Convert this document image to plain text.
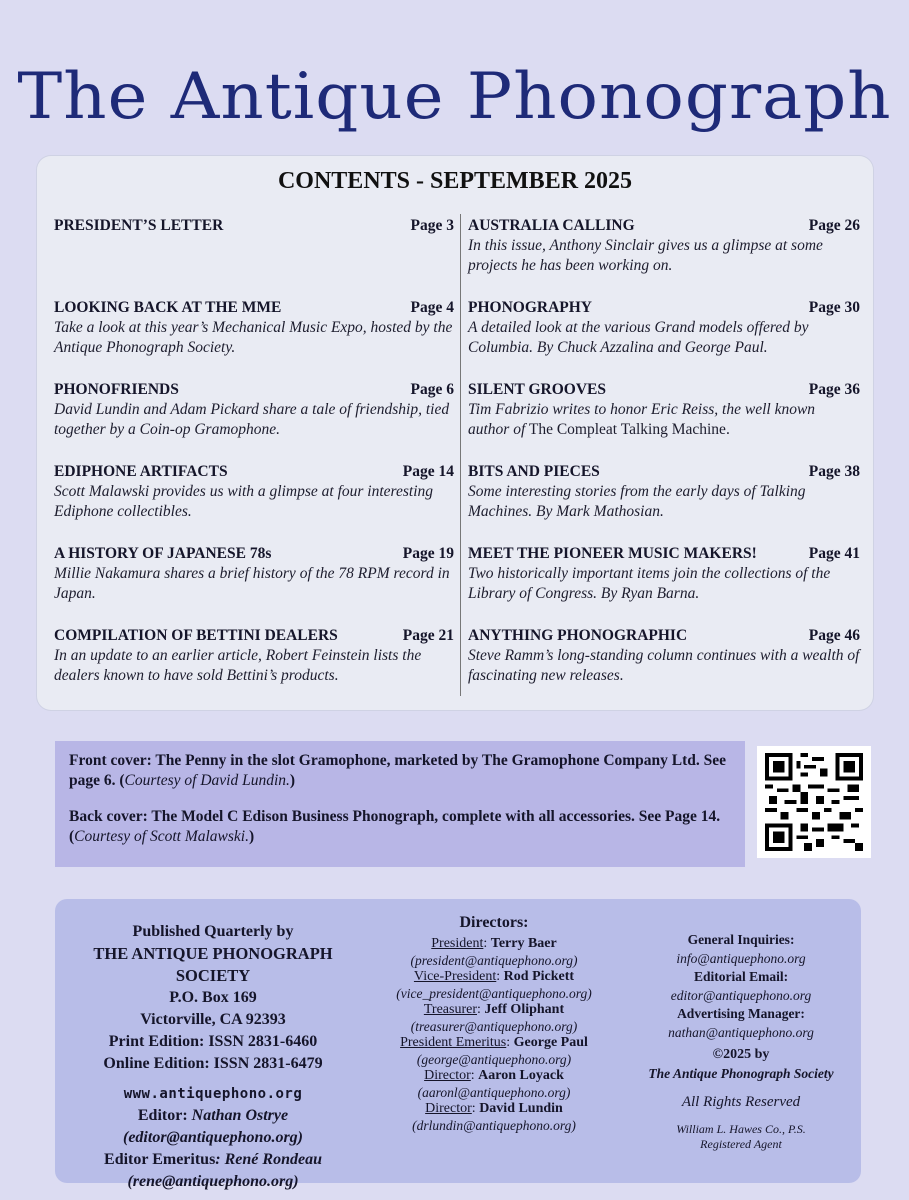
The Antique Phonograph
CONTENTS - SEPTEMBER 2025
PRESIDENT’S LETTER	Page 3
LOOKING BACK AT THE MME	Page 4
Take a look at this year’s Mechanical Music Expo, hosted by the Antique Phonograph Society.
PHONOFRIENDS	Page 6
David Lundin and Adam Pickard share a tale of friendship, tied together by a Coin-op Gramophone.
EDIPHONE ARTIFACTS	Page 14
Scott Malawski provides us with a glimpse at four interesting Ediphone collectibles.
A HISTORY OF JAPANESE 78s	Page 19
Millie Nakamura shares a brief history of the 78 RPM record in Japan.
COMPILATION OF BETTINI DEALERS	Page 21
In an update to an earlier article, Robert Feinstein lists the dealers known to have sold Bettini’s products.
AUSTRALIA CALLING	Page 26
In this issue, Anthony Sinclair gives us a glimpse at some projects he has been working on.
PHONOGRAPHY	Page 30
A detailed look at the various Grand models offered by Columbia. By Chuck Azzalina and George Paul.
SILENT GROOVES	Page 36
Tim Fabrizio writes to honor Eric Reiss, the well known author of The Compleat Talking Machine.
BITS AND PIECES	Page 38
Some interesting stories from the early days of Talking Machines. By Mark Mathosian.
MEET THE PIONEER MUSIC MAKERS!	Page 41
Two historically important items join the collections of the Library of Congress. By Ryan Barna.
ANYTHING PHONOGRAPHIC	Page 46
Steve Ramm’s long-standing column continues with a wealth of fascinating new releases.

Front cover: The Penny in the slot Gramophone, marketed by The Gramophone Company Ltd. See page 6. (Courtesy of David Lundin.)

Back cover: The Model C Edison Business Phonograph, complete with all accessories. See Page 14. (Courtesy of Scott Malawski.)

Published Quarterly by
THE ANTIQUE PHONOGRAPH SOCIETY
P.O. Box 169
Victorville, CA 92393
Print Edition: ISSN 2831-6460
Online Edition: ISSN 2831-6479
www.antiquephono.org
Editor: Nathan Ostrye
(editor@antiquephono.org)
Editor Emeritus: René Rondeau
(rene@antiquephono.org)
Directors:
President: Terry Baer
(president@antiquephono.org)
Vice-President: Rod Pickett
(vice_president@antiquephono.org)
Treasurer: Jeff Oliphant
(treasurer@antiquephono.org)
President Emeritus: George Paul
(george@antiquephono.org)
Director: Aaron Loyack
(aaronl@antiquephono.org)
Director: David Lundin
(drlundin@antiquephono.org)
General Inquiries:
info@antiquephono.org
Editorial Email:
editor@antiquephono.org
Advertising Manager:
nathan@antiquephono.org
©2025 by
The Antique Phonograph Society
All Rights Reserved
William L. Hawes Co., P.S.
Registered Agent
